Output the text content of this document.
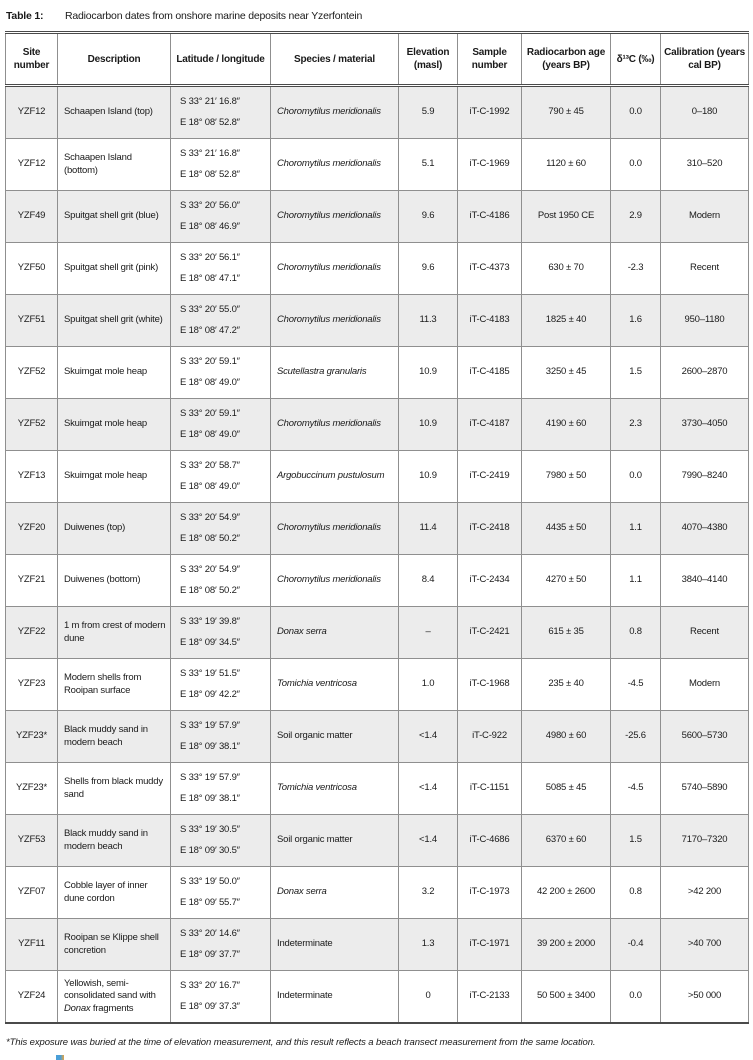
Table 1: Radiocarbon dates from onshore marine deposits near Yzerfontein
Site number	Description	Latitude / longitude	Species / material	Elevation (masl)	Sample number	Radiocarbon age (years BP)	δ¹³C (‰)	Calibration (years cal BP)
YZF12	Schaapen Island (top)	S 33° 21′ 16.8″
E 18° 08′ 52.8″	Choromytilus meridionalis	5.9	iT-C-1992	790 ± 45	0.0	0–180
YZF12	Schaapen Island (bottom)	S 33° 21′ 16.8″
E 18° 08′ 52.8″	Choromytilus meridionalis	5.1	iT-C-1969	1120 ± 60	0.0	310–520
YZF49	Spuitgat shell grit (blue)	S 33° 20′ 56.0″
E 18° 08′ 46.9″	Choromytilus meridionalis	9.6	iT-C-4186	Post 1950 CE	2.9	Modern
YZF50	Spuitgat shell grit (pink)	S 33° 20′ 56.1″
E 18° 08′ 47.1″	Choromytilus meridionalis	9.6	iT-C-4373	630 ± 70	-2.3	Recent
YZF51	Spuitgat shell grit (white)	S 33° 20′ 55.0″
E 18° 08′ 47.2″	Choromytilus meridionalis	11.3	iT-C-4183	1825 ± 40	1.6	950–1180
YZF52	Skuimgat mole heap	S 33° 20′ 59.1″
E 18° 08′ 49.0″	Scutellastra granularis	10.9	iT-C-4185	3250 ± 45	1.5	2600–2870
YZF52	Skuimgat mole heap	S 33° 20′ 59.1″
E 18° 08′ 49.0″	Choromytilus meridionalis	10.9	iT-C-4187	4190 ± 60	2.3	3730–4050
YZF13	Skuimgat mole heap	S 33° 20′ 58.7″
E 18° 08′ 49.0″	Argobuccinum pustulosum	10.9	iT-C-2419	7980 ± 50	0.0	7990–8240
YZF20	Duiwenes (top)	S 33° 20′ 54.9″
E 18° 08′ 50.2″	Choromytilus meridionalis	11.4	iT-C-2418	4435 ± 50	1.1	4070–4380
YZF21	Duiwenes (bottom)	S 33° 20′ 54.9″
E 18° 08′ 50.2″	Choromytilus meridionalis	8.4	iT-C-2434	4270 ± 50	1.1	3840–4140
YZF22	1 m from crest of modern dune	S 33° 19′ 39.8″
E 18° 09′ 34.5″	Donax serra	–	iT-C-2421	615 ± 35	0.8	Recent
YZF23	Modern shells from Rooipan surface	S 33° 19′ 51.5″
E 18° 09′ 42.2″	Tomichia ventricosa	1.0	iT-C-1968	235 ± 40	-4.5	Modern
YZF23*	Black muddy sand in modern beach	S 33° 19′ 57.9″
E 18° 09′ 38.1″	Soil organic matter	<1.4	iT-C-922	4980 ± 60	-25.6	5600–5730
YZF23*	Shells from black muddy sand	S 33° 19′ 57.9″
E 18° 09′ 38.1″	Tomichia ventricosa	<1.4	iT-C-1151	5085 ± 45	-4.5	5740–5890
YZF53	Black muddy sand in modern beach	S 33° 19′ 30.5″
E 18° 09′ 30.5″	Soil organic matter	<1.4	iT-C-4686	6370 ± 60	1.5	7170–7320
YZF07	Cobble layer of inner dune cordon	S 33° 19′ 50.0″
E 18° 09′ 55.7″	Donax serra	3.2	iT-C-1973	42 200 ± 2600	0.8	>42 200
YZF11	Rooipan se Klippe shell concretion	S 33° 20′ 14.6″
E 18° 09′ 37.7″	Indeterminate	1.3	iT-C-1971	39 200 ± 2000	-0.4	>40 700
YZF24	Yellowish, semi-consolidated sand with Donax fragments	S 33° 20′ 16.7″
E 18° 09′ 37.3″	Indeterminate	0	iT-C-2133	50 500 ± 3400	0.0	>50 000
*This exposure was buried at the time of elevation measurement, and this result reflects a beach transect measurement from the same location.
